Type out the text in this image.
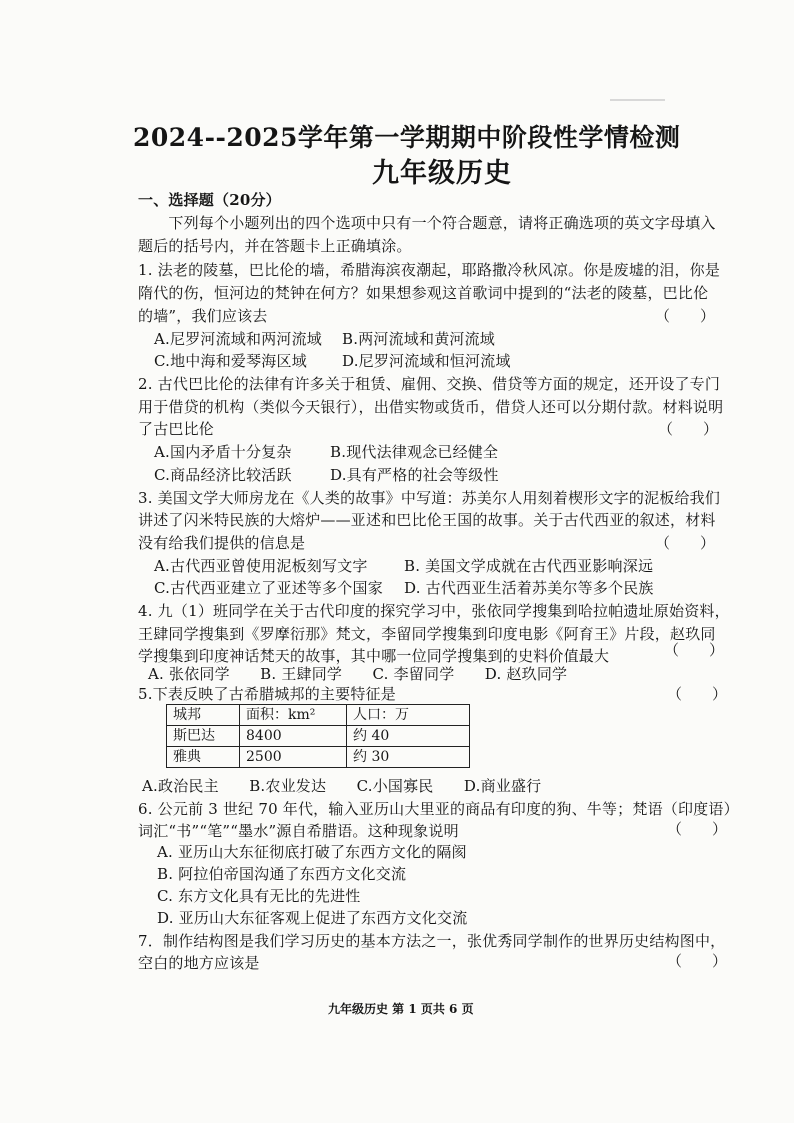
2024--2025学年第一学期期中阶段性学情检测
九年级历史
一、选择题（20分）
　　下列每个小题列出的四个选项中只有一个符合题意，请将正确选项的英文字母填入
题后的括号内，并在答题卡上正确填涂。
1. 法老的陵墓，巴比伦的墙，希腊海滨夜潮起，耶路撒冷秋风凉。你是废墟的泪，你是
隋代的伤，恒河边的梵钟在何方？如果想参观这首歌词中提到的“法老的陵墓，巴比伦
的墙”，我们应该去	（　　）
A.尼罗河流域和两河流域 B.两河流域和黄河流域
C.地中海和爱琴海区域 D.尼罗河流域和恒河流域
2. 古代巴比伦的法律有许多关于租赁、雇佣、交换、借贷等方面的规定，还开设了专门
用于借贷的机构（类似今天银行），出借实物或货币，借贷人还可以分期付款。材料说明
了古巴比伦	（　　）
A.国内矛盾十分复杂	B.现代法律观念已经健全
C.商品经济比较活跃	D.具有严格的社会等级性
3. 美国文学大师房龙在《人类的故事》中写道：苏美尔人用刻着楔形文字的泥板给我们
讲述了闪米特民族的大熔炉——亚述和巴比伦王国的故事。关于古代西亚的叙述，材料
没有给我们提供的信息是	（　　）
A.古代西亚曾使用泥板刻写文字 B. 美国文学成就在古代西亚影响深远
C.古代西亚建立了亚述等多个国家 D. 古代西亚生活着苏美尔等多个民族
4. 九（1）班同学在关于古代印度的探究学习中，张依同学搜集到哈拉帕遗址原始资料，
王肆同学搜集到《罗摩衍那》梵文，李留同学搜集到印度电影《阿育王》片段，赵玖同
学搜集到印度神话梵天的故事，其中哪一位同学搜集到的史料价值最大	（　　）
A. 张依同学　　B. 王肆同学　　C. 李留同学　　D. 赵玖同学
5.下表反映了古希腊城邦的主要特征是	（　　）
城邦	面积：km²	人口：万
斯巴达	8400	约 40
雅典	2500	约 30
A.政治民主　　B.农业发达　　C.小国寡民　　D.商业盛行
6. 公元前 3 世纪 70 年代，输入亚历山大里亚的商品有印度的狗、牛等；梵语（印度语）
词汇“书”“笔”“墨水”源自希腊语。这种现象说明	（　　）
A. 亚历山大东征彻底打破了东西方文化的隔阂
B. 阿拉伯帝国沟通了东西方文化交流
C. 东方文化具有无比的先进性
D. 亚历山大东征客观上促进了东西方文化交流
7．制作结构图是我们学习历史的基本方法之一，张优秀同学制作的世界历史结构图中，
空白的地方应该是	（　　）
九年级历史 第 1 页共 6 页
